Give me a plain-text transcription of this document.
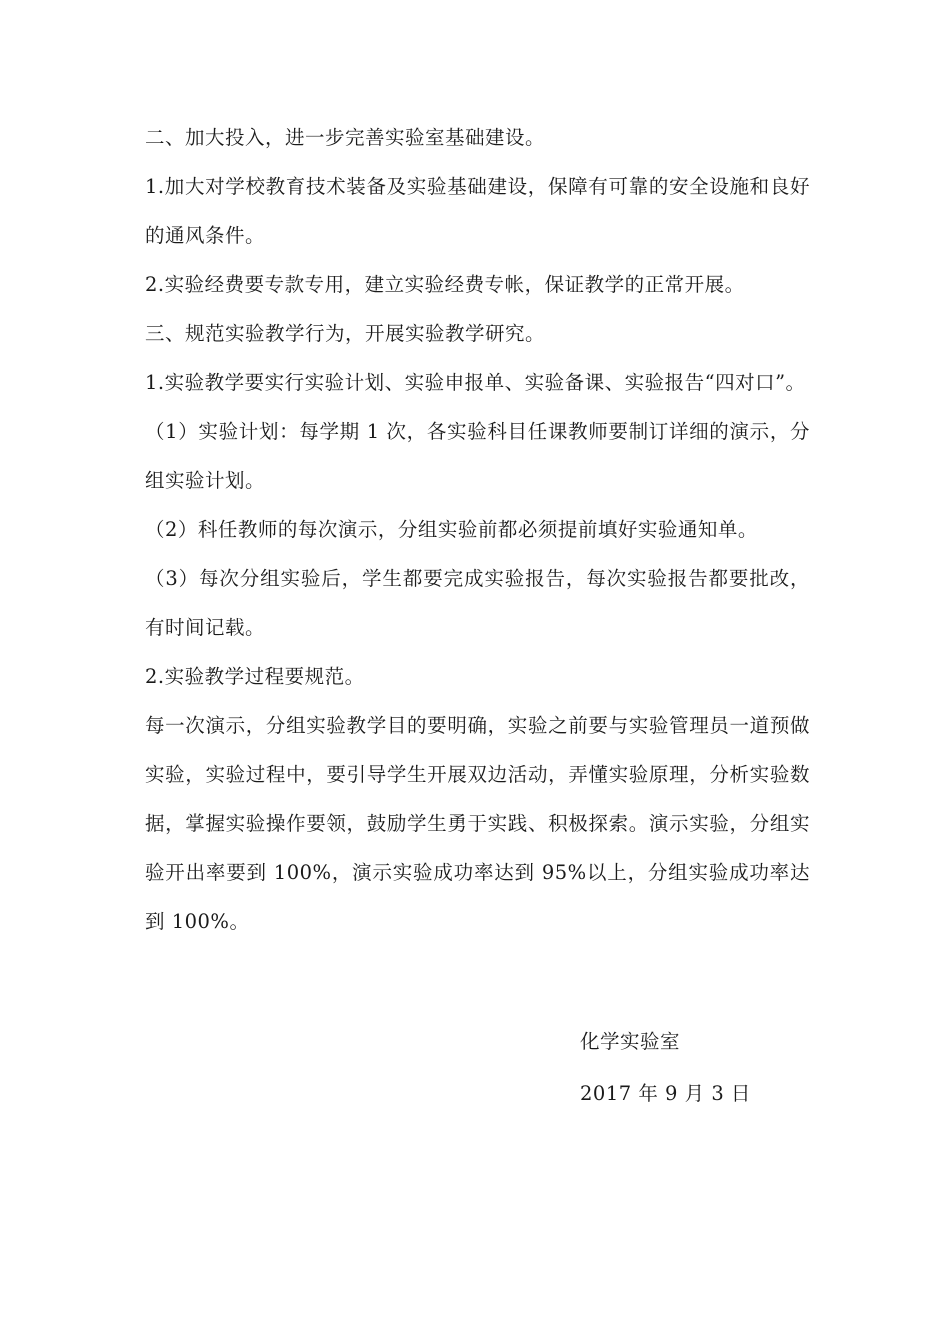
二、加大投入，进一步完善实验室基础建设。

1.加大对学校教育技术装备及实验基础建设，保障有可靠的安全设施和良好的通风条件。

2.实验经费要专款专用，建立实验经费专帐，保证教学的正常开展。

三、规范实验教学行为，开展实验教学研究。

1.实验教学要实行实验计划、实验申报单、实验备课、实验报告“四对口”。

（1）实验计划：每学期 1 次，各实验科目任课教师要制订详细的演示，分组实验计划。

（2）科任教师的每次演示，分组实验前都必须提前填好实验通知单。

（3）每次分组实验后，学生都要完成实验报告，每次实验报告都要批改，有时间记载。

2.实验教学过程要规范。

每一次演示，分组实验教学目的要明确，实验之前要与实验管理员一道预做实验，实验过程中，要引导学生开展双边活动，弄懂实验原理，分析实验数据，掌握实验操作要领，鼓励学生勇于实践、积极探索。演示实验，分组实验开出率要到 100%，演示实验成功率达到 95%以上，分组实验成功率达到 100%。

化学实验室

2017 年 9 月 3 日
